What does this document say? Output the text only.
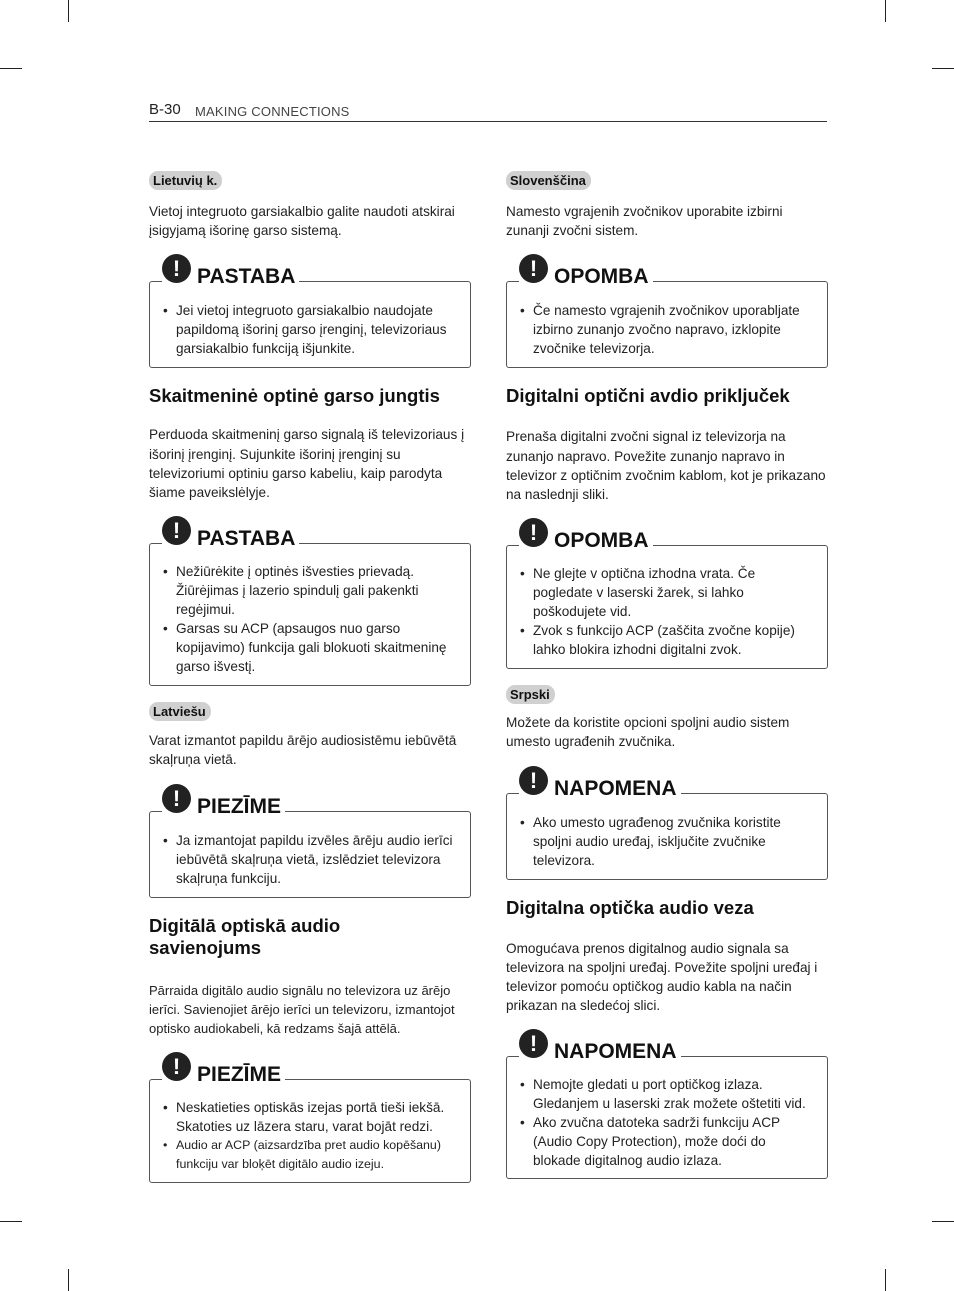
B-30 MAKING CONNECTIONS
Lietuvių k.

Vietoj integruoto garsiakalbio galite naudoti atskirai įsigyjamą išorinę garso sistemą.

! PASTABA
• Jei vietoj integruoto garsiakalbio naudojate papildomą išorinį garso įrenginį, televizoriaus garsiakalbio funkciją išjunkite.
Skaitmeninė optinė garso jungtis

Perduoda skaitmeninį garso signalą iš televizoriaus į išorinį įrenginį. Sujunkite išorinį įrenginį su televizoriumi optiniu garso kabeliu, kaip parodyta šiame paveikslėlyje.

! PASTABA
• Nežiūrėkite į optinės išvesties prievadą. Žiūrėjimas į lazerio spindulį gali pakenkti regėjimui.
• Garsas su ACP (apsaugos nuo garso kopijavimo) funkcija gali blokuoti skaitmeninę garso išvestį.
Latviešu

Varat izmantot papildu ārējo audiosistēmu iebūvētā skaļruņa vietā.

! PIEZĪME
• Ja izmantojat papildu izvēles ārēju audio ierīci iebūvētā skaļruņa vietā, izslēdziet televizora skaļruņa funkciju.
Digitālā optiskā audio savienojums

Pārraida digitālo audio signālu no televizora uz ārējo ierīci. Savienojiet ārējo ierīci un televizoru, izmantojot optisko audiokabeli, kā redzams šajā attēlā.

! PIEZĪME
• Neskatieties optiskās izejas portā tieši iekšā. Skatoties uz lāzera staru, varat bojāt redzi.
• Audio ar ACP (aizsardzība pret audio kopēšanu) funkciju var bloķēt digitālo audio izeju.
Slovenščina

Namesto vgrajenih zvočnikov uporabite izbirni zunanji zvočni sistem.

! OPOMBA
• Če namesto vgrajenih zvočnikov uporabljate izbirno zunanjo zvočno napravo, izklopite zvočnike televizorja.
Digitalni optični avdio priključek

Prenaša digitalni zvočni signal iz televizorja na zunanjo napravo. Povežite zunanjo napravo in televizor z optičnim zvočnim kablom, kot je prikazano na naslednji sliki.

! OPOMBA
• Ne glejte v optična izhodna vrata. Če pogledate v laserski žarek, si lahko poškodujete vid.
• Zvok s funkcijo ACP (zaščita zvočne kopije) lahko blokira izhodni digitalni zvok.
Srpski

Možete da koristite opcioni spoljni audio sistem umesto ugrađenih zvučnika.

! NAPOMENA
• Ako umesto ugrađenog zvučnika koristite spoljni audio uređaj, isključite zvučnike televizora.
Digitalna optička audio veza

Omogućava prenos digitalnog audio signala sa televizora na spoljni uređaj. Povežite spoljni uređaj i televizor pomoću optičkog audio kabla na način prikazan na sledećoj slici.

! NAPOMENA
• Nemojte gledati u port optičkog izlaza. Gledanjem u laserski zrak možete oštetiti vid.
• Ako zvučna datoteka sadrži funkciju ACP (Audio Copy Protection), može doći do blokade digitalnog audio izlaza.
